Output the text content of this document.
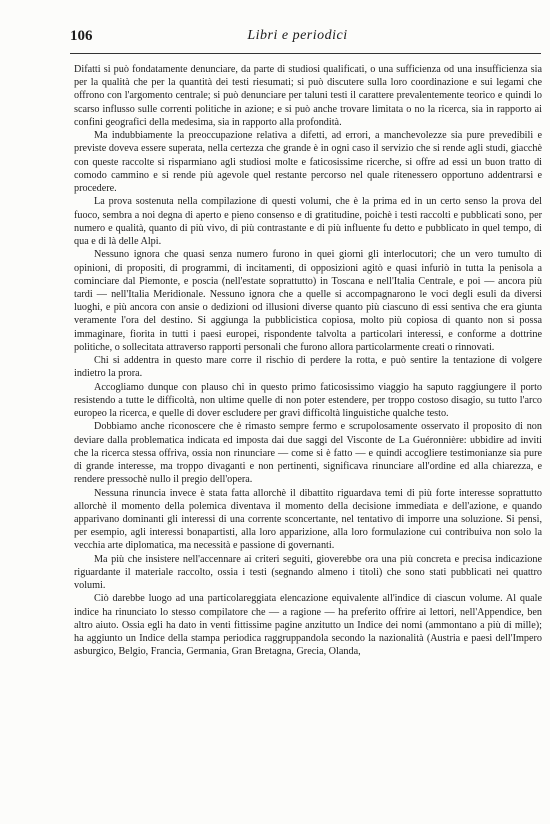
106	Libri e periodici

Difatti si può fondatamente denunciare, da parte di studiosi qualificati, o una sufficienza od una insufficienza sia per la qualità che per la quantità dei testi riesumati; si può discutere sulla loro coordinazione e sui legami che offrono con l'argomento centrale; si può denunciare per taluni testi il carattere prevalentemente teorico e quindi lo scarso influsso sulle correnti politiche in azione; e si può anche trovare limitata o no la ricerca, sia in rapporto ai confini geografici della medesima, sia in rapporto alla profondità.

Ma indubbiamente la preoccupazione relativa a difetti, ad errori, a manchevolezze sia pure prevedibili e previste doveva essere superata, nella certezza che grande è in ogni caso il servizio che si rende agli studi, giacchè con queste raccolte si risparmiano agli studiosi molte e faticosissime ricerche, si offre ad essi un buon tratto di comodo cammino e si rende più agevole quel restante percorso nel quale ritenessero opportuno addentrarsi e procedere.

La prova sostenuta nella compilazione di questi volumi, che è la prima ed in un certo senso la prova del fuoco, sembra a noi degna di aperto e pieno consenso e di gratitudine, poichè i testi raccolti e pubblicati sono, per numero e qualità, quanto di più vivo, di più contrastante e di più influente fu detto e pubblicato in quel tempo, di qua e di là delle Alpi.

Nessuno ignora che quasi senza numero furono in quei giorni gli interlocutori; che un vero tumulto di opinioni, di propositi, di programmi, di incitamenti, di opposizioni agitò e quasi infuriò in tutta la penisola a cominciare dal Piemonte, e poscia (nell'estate soprattutto) in Toscana e nell'Italia Centrale, e poi — ancora più tardi — nell'Italia Meridionale. Nessuno ignora che a quelle si accompagnarono le voci degli esuli da diversi luoghi, e più ancora con ansie o dedizioni od illusioni diverse quanto più ciascuno di essi sentiva che era giunta veramente l'ora del destino. Si aggiunga la pubblicistica copiosa, molto più copiosa di quanto non si possa immaginare, fiorita in tutti i paesi europei, rispondente talvolta a particolari interessi, e conforme a dottrine politiche, o sollecitata attraverso rapporti personali che furono allora particolarmente creati o rinnovati.

Chi si addentra in questo mare corre il rischio di perdere la rotta, e può sentire la tentazione di volgere indietro la prora.

Accogliamo dunque con plauso chi in questo primo faticosissimo viaggio ha saputo raggiungere il porto resistendo a tutte le difficoltà, non ultime quelle di non poter estendere, per troppo costoso disagio, su tutto l'arco europeo la ricerca, e quelle di dover escludere per gravi difficoltà linguistiche qualche testo.

Dobbiamo anche riconoscere che è rimasto sempre fermo e scrupolosamente osservato il proposito di non deviare dalla problematica indicata ed imposta dai due saggi del Visconte de La Guéronnière: ubbidire ad inviti che la ricerca stessa offriva, ossia non rinunciare — come si è fatto — e quindi accogliere testimonianze sia pure di grande interesse, ma troppo divaganti e non pertinenti, significava rinunciare all'ordine ed alla chiarezza, e rendere pressochè nullo il pregio dell'opera.

Nessuna rinuncia invece è stata fatta allorchè il dibattito riguardava temi di più forte interesse soprattutto allorchè il momento della polemica diventava il momento della decisione immediata e dell'azione, e quando apparivano dominanti gli interessi di una corrente sconcertante, nel tentativo di imporre una soluzione. Si pensi, per esempio, agli interessi bonapartisti, alla loro apparizione, alla loro formulazione cui contribuiva non solo la vecchia arte diplomatica, ma necessità e passione di governanti.

Ma più che insistere nell'accennare ai criteri seguiti, gioverebbe ora una più concreta e precisa indicazione riguardante il materiale raccolto, ossia i testi (segnando almeno i titoli) che sono stati pubblicati nei quattro volumi.

Ciò darebbe luogo ad una particolareggiata elencazione equivalente all'indice di ciascun volume. Al quale indice ha rinunciato lo stesso compilatore che — a ragione — ha preferito offrire ai lettori, nell'Appendice, ben altro aiuto. Ossia egli ha dato in venti fittissime pagine anzitutto un Indice dei nomi (ammontano a più di mille); ha aggiunto un Indice della stampa periodica raggruppandola secondo la nazionalità (Austria e paesi dell'Impero asburgico, Belgio, Francia, Germania, Gran Bretagna, Grecia, Olanda,
